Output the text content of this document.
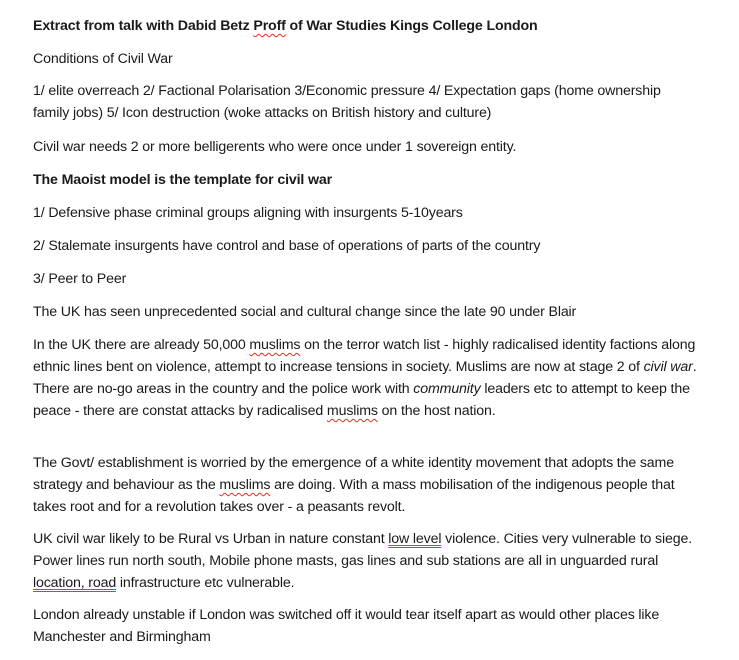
Extract from talk with Dabid Betz Proff of War Studies Kings College London

Conditions of Civil War

1/ elite overreach 2/ Factional Polarisation 3/Economic pressure 4/ Expectation gaps (home ownership family jobs) 5/ Icon destruction (woke attacks on British history and culture)

Civil war needs 2 or more belligerents who were once under 1 sovereign entity.

The Maoist model is the template for civil war

1/ Defensive phase criminal groups aligning with insurgents 5-10years

2/ Stalemate insurgents have control and base of operations of parts of the country

3/ Peer to Peer

The UK has seen unprecedented social and cultural change since the late 90 under Blair

In the UK there are already 50,000 muslims on the terror watch list - highly radicalised identity factions along ethnic lines bent on violence, attempt to increase tensions in society. Muslims are now at stage 2 of civil war. There are no-go areas in the country and the police work with community leaders etc to attempt to keep the peace - there are constat attacks by radicalised muslims on the host nation.

The Govt/ establishment is worried by the emergence of a white identity movement that adopts the same strategy and behaviour as the muslims are doing. With a mass mobilisation of the indigenous people that takes root and for a revolution takes over - a peasants revolt.

UK civil war likely to be Rural vs Urban in nature constant low level violence. Cities very vulnerable to siege. Power lines run north south, Mobile phone masts, gas lines and sub stations are all in unguarded rural location, road infrastructure etc vulnerable.

London already unstable if London was switched off it would tear itself apart as would other places like Manchester and Birmingham
